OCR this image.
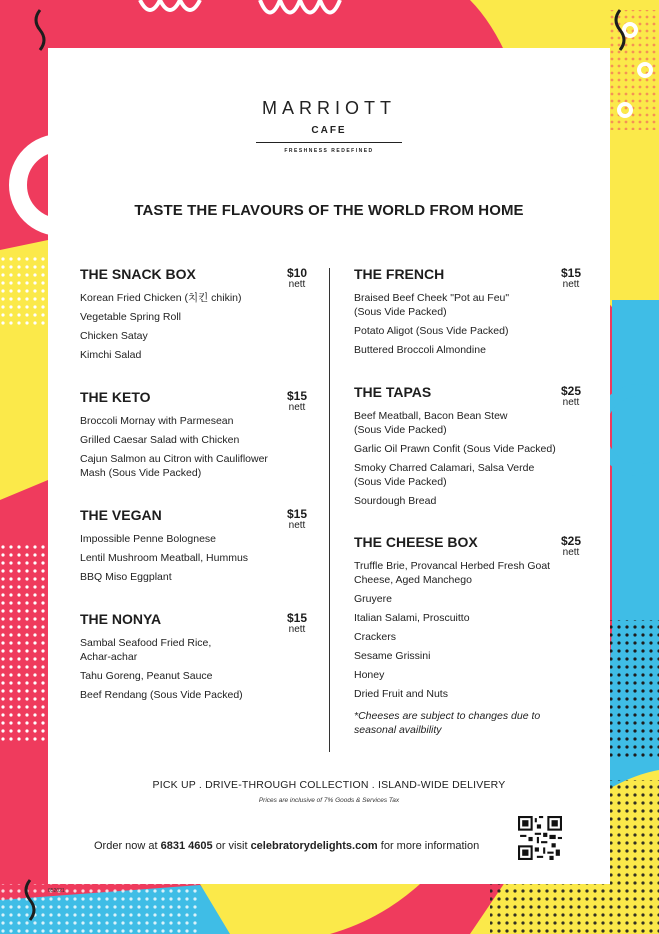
MARRIOTT
CAFE
FRESHNESS REDEFINED
TASTE THE FLAVOURS OF THE WORLD FROM HOME
THE SNACK BOX	$10
nett
Korean Fried Chicken (치킨 chikin)
Vegetable Spring Roll
Chicken Satay
Kimchi Salad
THE KETO	$15
nett
Broccoli Mornay with Parmesean
Grilled Caesar Salad with Chicken
Cajun Salmon au Citron with Cauliflower Mash (Sous Vide Packed)
THE VEGAN	$15
nett
Impossible Penne Bolognese
Lentil Mushroom Meatball, Hummus
BBQ Miso Eggplant
THE NONYA	$15
nett
Sambal Seafood Fried Rice, Achar-achar
Tahu Goreng, Peanut Sauce
Beef Rendang (Sous Vide Packed)
THE FRENCH	$15
nett
Braised Beef Cheek "Pot au Feu" (Sous Vide Packed)
Potato Aligot (Sous Vide Packed)
Buttered Broccoli Almondine
THE TAPAS	$25
nett
Beef Meatball, Bacon Bean Stew (Sous Vide Packed)
Garlic Oil Prawn Confit (Sous Vide Packed)
Smoky Charred Calamari, Salsa Verde (Sous Vide Packed)
Sourdough Bread
THE CHEESE BOX	$25
nett
Truffle Brie, Provancal Herbed Fresh Goat Cheese, Aged Manchego
Gruyere
Italian Salami, Proscuitto
Crackers
Sesame Grissini
Honey
Dried Fruit and Nuts
*Cheeses are subject to changes due to seasonal availbility
PICK UP . DRIVE-THROUGH COLLECTION . ISLAND-WIDE DELIVERY
Prices are inclusive of 7% Goods & Services Tax
Order now at 6831 4605 or visit celebratorydelights.com for more information
052021
